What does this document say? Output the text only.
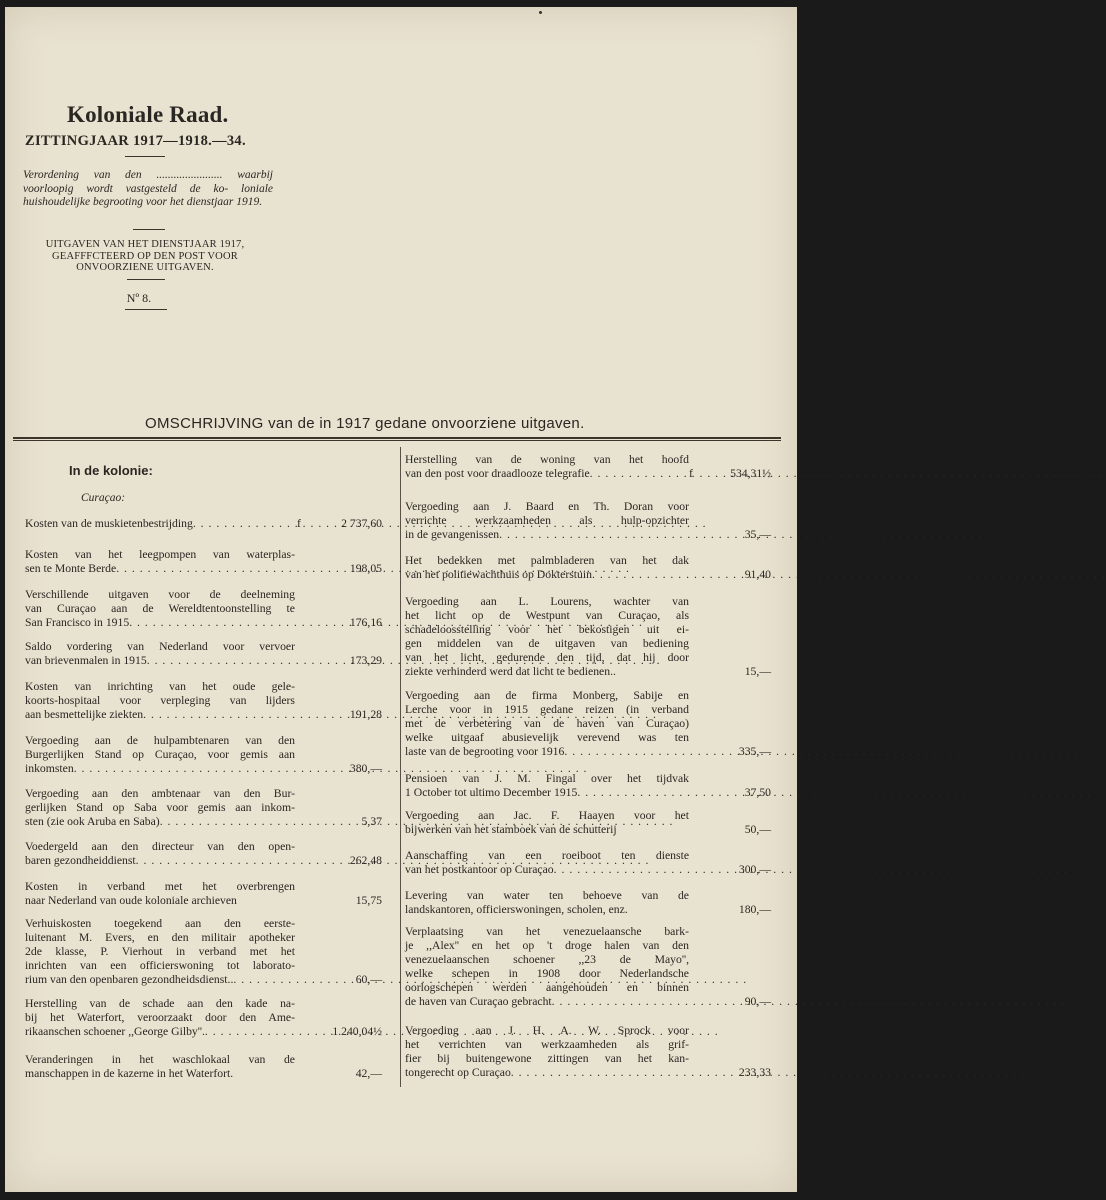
Koloniale Raad.
ZITTINGJAAR 1917—1918.—34.
Verordening van den ....................... waarbij voorloopig wordt vastgesteld de ko- loniale huishoudelijke begrooting voor het dienstjaar 1919.
UITGAVEN VAN HET DIENSTJAAR 1917, GEAFFFCTEERD OP DEN POST VOOR ONVOORZIENE UITGAVEN.
Nº 8.
OMSCHRIJVING van de in 1917 gedane onvoorziene uitgaven.
In de kolonie:
Curaçao:
Kosten van de muskietenbestrijding . . .	f	2 737,60
Kosten van het leegpompen van waterplas-
sen te Monte Berde . . .	198,05
Verschillende uitgaven voor de deelneming
van Curaçao aan de Wereldtentoonstelling te
San Francisco in 1915 . . .	176,16
Saldo vordering van Nederland voor vervoer
van brievenmalen in 1915 . . .	173,29
Kosten van inrichting van het oude gele-
koorts-hospitaal voor verpleging van lijders
aan besmettelijke ziekten . . .	191,28
Vergoeding aan de hulpambtenaren van den
Burgerlijken Stand op Curaçao, voor gemis aan
inkomsten . . .	380,—
Vergoeding aan den ambtenaar van den Bur-
gerlijken Stand op Saba voor gemis aan inkom-
sten (zie ook Aruba en Saba) . . .	5,37
Voedergeld aan den directeur van den open-
baren gezondheiddienst . . .	262,48
Kosten in verband met het overbrengen
naar Nederland van oude koloniale archieven	15,75
Verhuiskosten toegekend aan den eerste-
luitenant M. Evers, en den militair apotheker
2de klasse, P. Vierhout in verband met het
inrichten van een officierswoning tot laborato-
rium van den openbaren gezondheidsdienst.. . . .	60,—
Herstelling van de schade aan den kade na-
bij het Waterfort, veroorzaakt door den Ame-
rikaanschen schoener ,,George Gilby''. . . .	1 240,04½
Veranderingen in het waschlokaal van de
manschappen in de kazerne in het Waterfort.	42,—
Herstelling van de woning van het hoofd
van den post voor draadlooze telegrafie . . .	f	534,31½
Vergoeding aan J. Baard en Th. Doran voor
verrichte werkzaamheden als hulp-opzichter
in de gevangenissen . . .	35,—
Het bedekken met palmbladeren van het dak
van het politiewachthuis op Dokterstuin . . .	91,40
Vergoeding aan L. Lourens, wachter van
het licht op de Westpunt van Curaçao, als
schadeloosstelling voor het bekostigen uit ei-
gen middelen van de uitgaven van bediening
van het licht, gedurende den tijd, dat hij door
ziekte verhinderd werd dat licht te bedienen..	15,—
Vergoeding aan de firma Monberg, Sabije en
Lerche voor in 1915 gedane reizen (in verband
met de verbetering van de haven van Curaçao)
welke uitgaaf abusievelijk verevend was ten
laste van de begrooting voor 1916 . . .	335,—
Pensioen van J. M. Fingal over het tijdvak
1 October tot ultimo December 1915 . . .	37,50
Vergoeding aan Jac. F. Haayen voor het
bijwerken van het stamboek van de schutterij	50,—
Aanschaffing van een roeiboot ten dienste
van het postkantoor op Curaçao . . .	300,—
Levering van water ten behoeve van de
landskantoren, officierswoningen, scholen, enz.	180,—
Verplaatsing van het venezuelaansche bark-
je ,,Alex'' en het op 't droge halen van den
venezuelaanschen schoener ,,23 de Mayo'',
welke schepen in 1908 door Nederlandsche
oorlogschepen werden aangehouden en binnen
de haven van Curaçao gebracht . . .	90,—
Vergoeding aan J. H. A. W. Sprock voor
het verrichten van werkzaamheden als grif-
fier bij buitengewone zittingen van het kan-
tongerecht op Curaçao . . .	233,33
